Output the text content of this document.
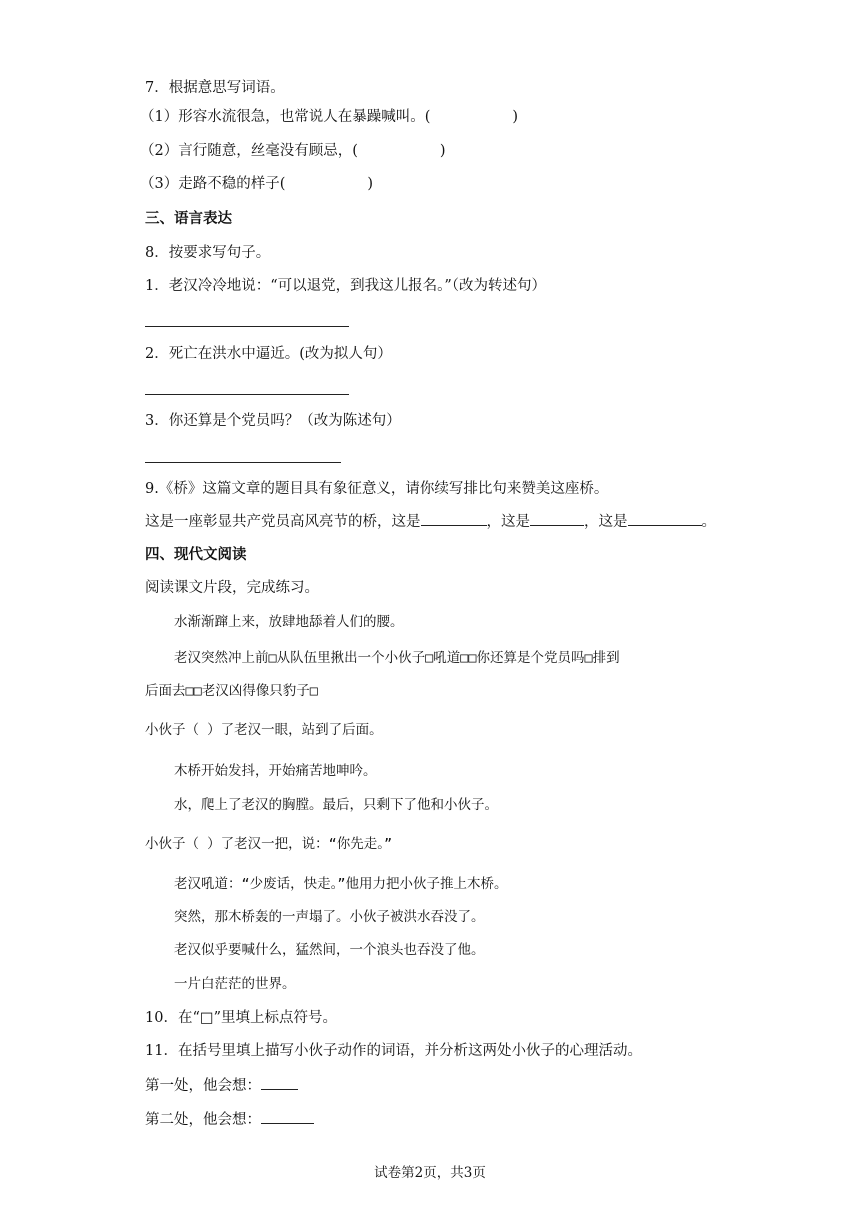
7．根据意思写词语。
（1）形容水流很急，也常说人在暴躁喊叫。(	)
（2）言行随意，丝毫没有顾忌，(	)
（3）走路不稳的样子(	)
三、语言表达
8．按要求写句子。
1．老汉冷冷地说：“可以退党，到我这儿报名。”（改为转述句）
2．死亡在洪水中逼近。(改为拟人句）
3．你还算是个党员吗？（改为陈述句）
9.《桥》这篇文章的题目具有象征意义，请你续写排比句来赞美这座桥。
这是一座彰显共产党员高风亮节的桥，这是	，这是	，这是	。
四、现代文阅读
阅读课文片段，完成练习。
水渐渐蹿上来，放肆地舔着人们的腰。
老汉突然冲上前□从队伍里揪出一个小伙子□吼道□□你还算是个党员吗□排到
后面去□□老汉凶得像只豹子□
小伙子（ ）了老汉一眼，站到了后面。
木桥开始发抖，开始痛苦地呻吟。
水，爬上了老汉的胸膛。最后，只剩下了他和小伙子。
小伙子（ ）了老汉一把，说：“你先走。”
老汉吼道：“少废话，快走。”他用力把小伙子推上木桥。
突然，那木桥轰的一声塌了。小伙子被洪水吞没了。
老汉似乎要喊什么，猛然间，一个浪头也吞没了他。
一片白茫茫的世界。
10．在“□”里填上标点符号。
11．在括号里填上描写小伙子动作的词语，并分析这两处小伙子的心理活动。
第一处，他会想：
第二处，他会想：
试卷第2页，共3页
